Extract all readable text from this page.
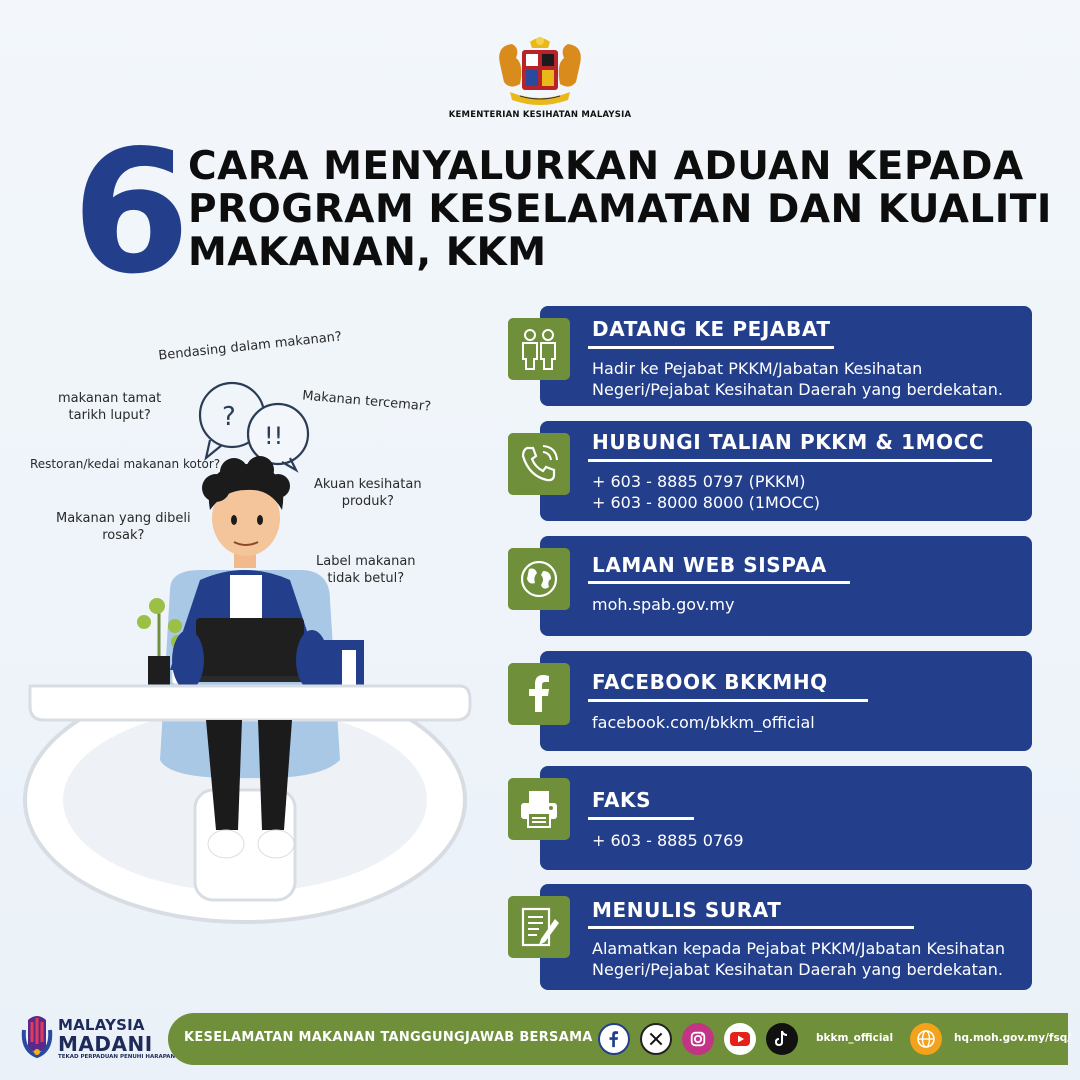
KEMENTERIAN KESIHATAN MALAYSIA
6
CARA MENYALURKAN ADUAN KEPADA
PROGRAM KESELAMATAN DAN KUALITI
MAKANAN, KKM
Bendasing dalam makanan?
makanan tamat
tarikh luput?
Makanan tercemar?
Restoran/kedai makanan kotor?
Akuan kesihatan
produk?
Makanan yang dibeli
rosak?
Label makanan
tidak betul?
?
!!
DATANG KE PEJABAT
Hadir ke Pejabat PKKM/Jabatan Kesihatan
Negeri/Pejabat Kesihatan Daerah yang berdekatan.
HUBUNGI TALIAN PKKM & 1MOCC
+ 603 - 8885 0797 (PKKM)
+ 603 - 8000 8000 (1MOCC)
LAMAN WEB SISPAA
moh.spab.gov.my
FACEBOOK BKKMHQ
facebook.com/bkkm_official
FAKS
+ 603 - 8885 0769
MENULIS SURAT
Alamatkan kepada Pejabat PKKM/Jabatan Kesihatan
Negeri/Pejabat Kesihatan Daerah yang berdekatan.
MALAYSIA
MADANI
TEKAD PERPADUAN PENUHI HARAPAN
KESELAMATAN MAKANAN TANGGUNGJAWAB BERSAMA	bkkm_official	hq.moh.gov.my/fsq/
